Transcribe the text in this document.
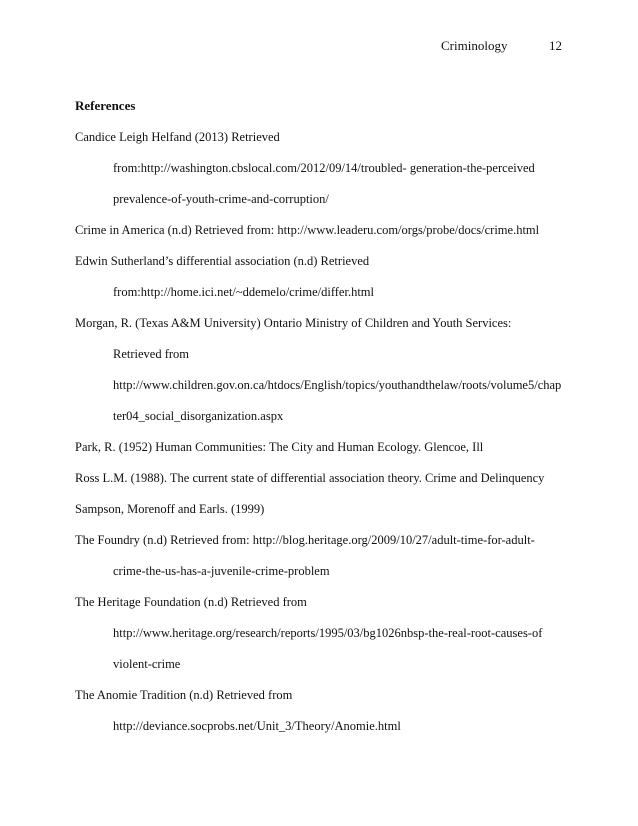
Criminology	12
References
Candice Leigh Helfand (2013) Retrieved
from:http://washington.cbslocal.com/2012/09/14/troubled- generation-the-perceived
prevalence-of-youth-crime-and-corruption/
Crime in America (n.d) Retrieved from: http://www.leaderu.com/orgs/probe/docs/crime.html
Edwin Sutherland’s differential association (n.d) Retrieved
from:http://home.ici.net/~ddemelo/crime/differ.html
Morgan, R. (Texas A&M University) Ontario Ministry of Children and Youth Services:
Retrieved from
http://www.children.gov.on.ca/htdocs/English/topics/youthandthelaw/roots/volume5/chap
ter04_social_disorganization.aspx
Park, R. (1952) Human Communities: The City and Human Ecology. Glencoe, Ill
Ross L.M. (1988). The current state of differential association theory. Crime and Delinquency
Sampson, Morenoff and Earls. (1999)
The Foundry (n.d) Retrieved from: http://blog.heritage.org/2009/10/27/adult-time-for-adult-
crime-the-us-has-a-juvenile-crime-problem
The Heritage Foundation (n.d) Retrieved from
http://www.heritage.org/research/reports/1995/03/bg1026nbsp-the-real-root-causes-of
violent-crime
The Anomie Tradition (n.d) Retrieved from
http://deviance.socprobs.net/Unit_3/Theory/Anomie.html
